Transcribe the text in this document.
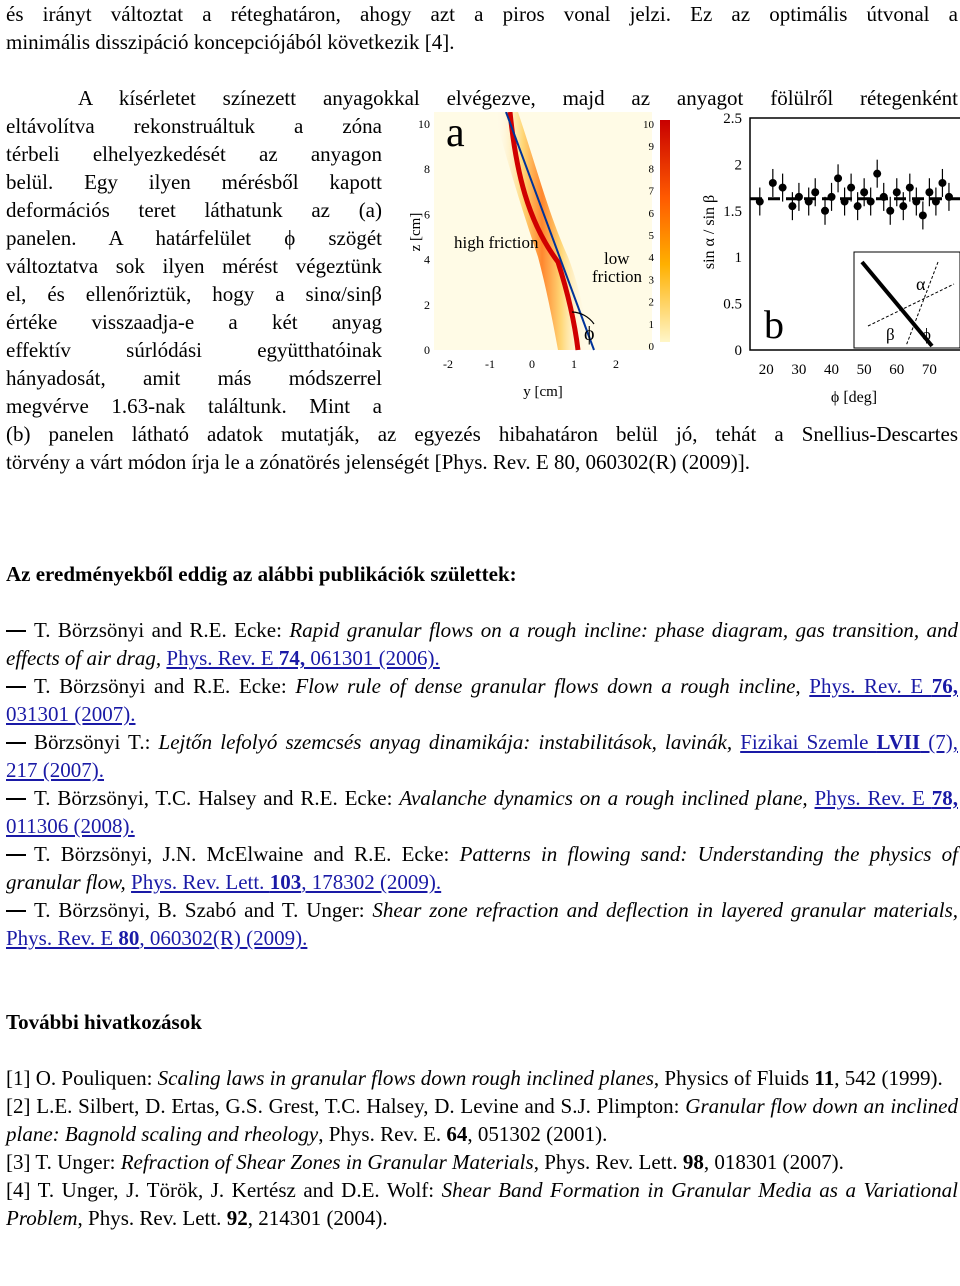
és irányt változtat a réteghatáron, ahogy azt a piros vonal jelzi. Ez az optimális útvonal a

minimális disszipáció koncepciójából következik [4].

A kísérletet színezett anyagokkal elvégezve, majd az anyagot fölülről rétegenként

eltávolítva rekonstruáltuk a zóna

térbeli elhelyezkedését az anyagon

belül. Egy ilyen mérésből kapott

deformációs teret láthatunk az (a)

panelen. A határfelület ϕ szögét

változtatva sok ilyen mérést végeztünk

el, és ellenőriztük, hogy a sinα/sinβ

értéke visszaadja-e a két anyag

effektív súrlódási együtthatóinak

hányadosát, amit más módszerrel

megvérve 1.63-nak találtunk. Mint a

a
high friction
low
friction
ϕ
z [cm]
y [cm]
10
8
6
4
2
0
-2	-1	0	1	2
10
9
8
7
6
5
4
3
2
1
0
20 30 40 50 60 70
0
0.5
1
1.5
2
2.5
sin α / sin β
ϕ [deg]
α
β ϕ
b

(b) panelen látható adatok mutatják, az egyezés hibahatáron belül jó, tehát a Snellius-Descartes

törvény a várt módon írja le a zónatörés jelenségét [Phys. Rev. E 80, 060302(R) (2009)].

Az eredményekből eddig az alábbi publikációk születtek:

T. Börzsönyi and R.E. Ecke: Rapid granular flows on a rough incline: phase diagram, gas transition, and effects of air drag, Phys. Rev. E 74, 061301 (2006).

T. Börzsönyi and R.E. Ecke: Flow rule of dense granular flows down a rough incline, Phys. Rev. E 76, 031301 (2007).

Börzsönyi T.: Lejtőn lefolyó szemcsés anyag dinamikája: instabilitások, lavinák, Fizikai Szemle LVII (7), 217 (2007).

T. Börzsönyi, T.C. Halsey and R.E. Ecke: Avalanche dynamics on a rough inclined plane, Phys. Rev. E 78, 011306 (2008).

T. Börzsönyi, J.N. McElwaine and R.E. Ecke: Patterns in flowing sand: Understanding the physics of granular flow, Phys. Rev. Lett. 103, 178302 (2009).

T. Börzsönyi, B. Szabó and T. Unger: Shear zone refraction and deflection in layered granular materials, Phys. Rev. E 80, 060302(R) (2009).

További hivatkozások

[1] O. Pouliquen: Scaling laws in granular flows down rough inclined planes, Physics of Fluids 11, 542 (1999).

[2] L.E. Silbert, D. Ertas, G.S. Grest, T.C. Halsey, D. Levine and S.J. Plimpton: Granular flow down an inclined plane: Bagnold scaling and rheology, Phys. Rev. E. 64, 051302 (2001).

[3] T. Unger: Refraction of Shear Zones in Granular Materials, Phys. Rev. Lett. 98, 018301 (2007).

[4] T. Unger, J. Török, J. Kertész and D.E. Wolf: Shear Band Formation in Granular Media as a Variational Problem, Phys. Rev. Lett. 92, 214301 (2004).
